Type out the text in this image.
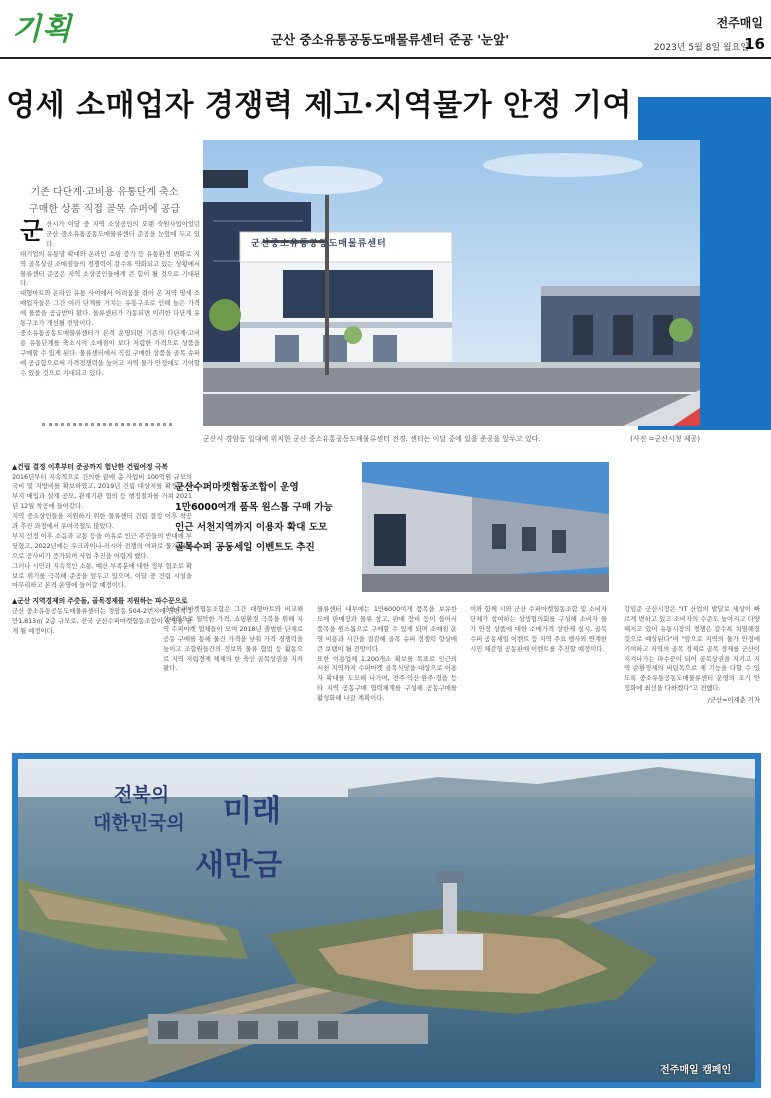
기획	군산 중소유통공동도매물류센터 준공 '눈앞'
전주매일
2023년 5월 8일 월요일
16
영세 소매업자 경쟁력 제고·지역물가 안정 기여
군산중소유통공동도매물류센터
군산시 경암동 일대에 위치한 군산 중소유통공동도매물류센터 전경. 센터는 이달 중에 있을 준공을 앞두고 있다.	(사진 =군산시청 제공)
기존 다단계·고비용 유통단계 축소
구매한 상품 직접 골목 슈퍼에 공급

군산시가 이달 중 지역 소상공인의 오랜 숙원사업이었던 군산 중소유통공동도매물류센터 준공을 눈앞에 두고 있다.

대기업의 유통망 확대와 온라인 쇼핑 증가 등 유통환경 변화로 지역 골목상권 소매점들의 경쟁력이 갈수록 약화되고 있는 상황에서 물류센터 준공은 지역 소상공인들에게 큰 힘이 될 것으로 기대된다.

대형마트와 온라인 유통 사이에서 어려움을 겪어 온 지역 영세 소매업자들은 그간 여러 단계를 거치는 유통구조로 인해 높은 가격에 물품을 공급받아 왔다. 물류센터가 가동되면 이러한 다단계 유통구조가 개선될 전망이다.

중소유통공동도매물류센터가 본격 운영되면 기존의 다단계·고비용 유통단계를 축소시켜 소매점이 보다 저렴한 가격으로 상품을 구매할 수 있게 된다. 물류센터에서 직접 구매한 상품을 골목 슈퍼에 공급함으로써 가격경쟁력을 높이고 지역 물가 안정에도 기여할 수 있을 것으로 기대되고 있다.

▲건립 결정 이후부터 준공까지 험난한 건립여정 극복

2016년부터 지속적으로 건의한 끝에 총 사업비 100억원 규모의 국비 및 지방비를 확보하였고, 2019년 건립 대상지를 확정한 후 부지 매입과 설계 공모, 관계기관 협의 등 행정절차를 거쳐 2021년 12월 착공에 들어갔다.

지역 중소상인들을 지원하기 위한 물류센터 건립 결정 이후 착공과 추진 과정에서 우여곡절도 많았다.

부지 선정 이후 소음과 교통 등을 이유로 인근 주민들의 반대에 부딪혔고, 2022년에는 우크라이나-러시아 전쟁의 여파로 물가 급등으로 공사비가 증가되며 사업 추진을 어렵게 했다.

그러나 시민과 지속적인 소통, 예산 부족분에 대한 정부 협조로 확보로 위기를 극복해 준공을 앞두고 있으며, 이달 중 건립 시설을 마무리하고 본격 운영에 들어갈 예정이다.

▲군산 지역경제의 주춧돌, 골목경제를 지원하는 파수꾼으로

군산 중소유통공동도매물류센터는 경암동 504-2번지에 연면적 1만1,813㎡ 2층 규모로, 전국 군산수퍼마켓협동조합이 운영을 맡게 될 예정이다.

군산수퍼마켓협동조합이 운영
1만6000여개 품목 원스톱 구매 가능
인근 서천지역까지 이용자 확대 도모
골목수퍼 공동세일 이벤트도 추진

군산수퍼마켓협동조합은 그간 대형마트와 비교해 상대적으로 열악한 가격, 쇼핑환경 극복을 위해 지역 수퍼마켓 업체들이 모여 2018년 출범한 단체로 공동 구매를 통해 물건 가격을 낮춰 가격 경쟁력을 높이고 조합원들간의 정보와 물류 협업 등 활동으로 지역 자립경제 체제의 한 축인 골목상권을 지켜왔다.

물류센터 내부에는 1만6000여개 품목을 보유한 도매 판매장과 물류 창고, 판매 장비 등이 들어서 품목을 원스톱으로 구매할 수 있게 되며 소매점 운영 비용과 시간을 절감해 골목 슈퍼 경쟁력 향상에 큰 보탬이 될 전망이다.

또한 이용업체 1,200개소 확보를 목표로 인근의 서천 지역까지 수퍼마켓 골목식당을 대상으로 이용자 확대를 도모해 나가며, 전주·익산·완주·정읍 등 타 지역 공동구매 협력체계를 구성해 공동구매를 활성화해 나갈 계획이다.

이와 함께 시와 군산 수퍼마켓협동조합 및 소비자단체가 참여하는 상생협의회를 구성해 소비자 물가 안정 상품에 대한 소매가격 상한제 실시, 골목수퍼 공동세일 이벤트 등 지역 주요 행사와 연계한 시민 체감형 공동판매 이벤트를 추진할 예정이다.

강임준 군산시장은 "IT 산업의 발달로 세상이 빠르게 변하고 있고 소비자의 수준도 높아지고 다양해지고 있어 유통시장의 경쟁은 갈수록 치열해질 것으로 예상된다"며 "앞으로 지역의 물가 안정에 기여하고 지역의 골목 경제로 골목 경제를 군산이 지켜나가는 파수꾼이 되어 골목상권을 지키고 지역 순환경제의 버팀목으로 제 기능을 다할 수 있도록 중소유통공동도매물류센터 운영의 조기 안정화에 최선을 다하겠다"고 전했다.

/군산=이재춘 기자

전북의
대한민국의 미래
새만금
전주매일 캠페인
